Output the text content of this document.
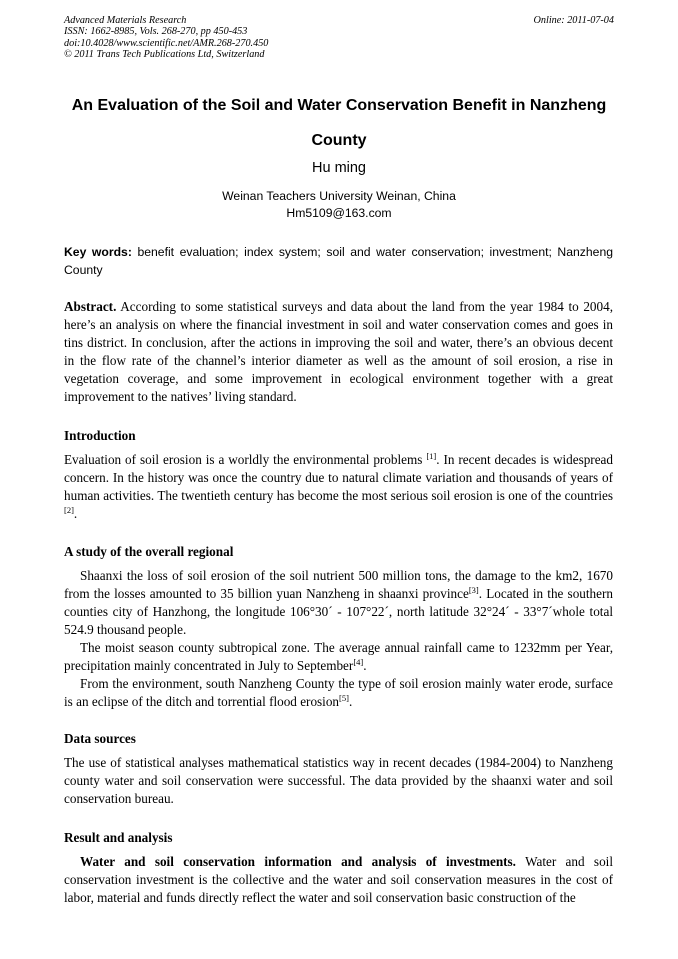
Advanced Materials Research
ISSN: 1662-8985, Vols. 268-270, pp 450-453
doi:10.4028/www.scientific.net/AMR.268-270.450
© 2011 Trans Tech Publications Ltd, Switzerland
Online: 2011-07-04
An Evaluation of the Soil and Water Conservation Benefit in Nanzheng
County
Hu ming
Weinan Teachers University Weinan, China
Hm5109@163.com
Key words: benefit evaluation; index system; soil and water conservation; investment; Nanzheng County

Abstract. According to some statistical surveys and data about the land from the year 1984 to 2004, here’s an analysis on where the financial investment in soil and water conservation comes and goes in tins district. In conclusion, after the actions in improving the soil and water, there’s an obvious decent in the flow rate of the channel’s interior diameter as well as the amount of soil erosion, a rise in vegetation coverage, and some improvement in ecological environment together with a great improvement to the natives’ living standard.

Introduction

Evaluation of soil erosion is a worldly the environmental problems [1]. In recent decades is widespread concern. In the history was once the country due to natural climate variation and thousands of years of human activities. The twentieth century has become the most serious soil erosion is one of the countries [2].

A study of the overall regional

Shaanxi the loss of soil erosion of the soil nutrient 500 million tons, the damage to the km2, 1670 from the losses amounted to 35 billion yuan Nanzheng in shaanxi province[3]. Located in the southern counties city of Hanzhong, the longitude 106°30´ - 107°22´, north latitude 32°24´ - 33°7´whole total 524.9 thousand people.

The moist season county subtropical zone. The average annual rainfall came to 1232mm per Year, precipitation mainly concentrated in July to September[4].

From the environment, south Nanzheng County the type of soil erosion mainly water erode, surface is an eclipse of the ditch and torrential flood erosion[5].

Data sources

The use of statistical analyses mathematical statistics way in recent decades (1984-2004) to Nanzheng county water and soil conservation were successful. The data provided by the shaanxi water and soil conservation bureau.

Result and analysis

Water and soil conservation information and analysis of investments. Water and soil conservation investment is the collective and the water and soil conservation measures in the cost of labor, material and funds directly reflect the water and soil conservation basic construction of the
